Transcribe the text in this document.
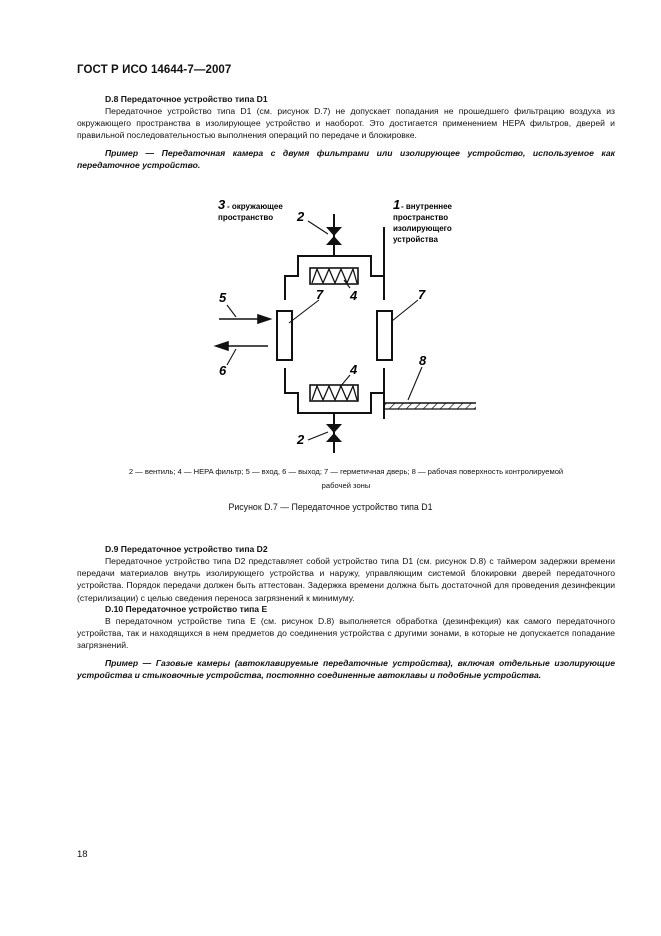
ГОСТ Р ИСО 14644-7—2007
D.8 Передаточное устройство типа D1

Передаточное устройство типа D1 (см. рисунок D.7) не допускает попадания не прошедшего фильтрацию воздуха из окружающего пространства в изолирующее устройство и наоборот. Это достигается применением HEPA фильтров, дверей и правильной последовательностью выполнения операций по передаче и блокировке.

Пример — Передаточная камера с двумя фильтрами или изолирующее устройство, используемое как передаточное устройство.
3 - окружающее
пространство
1 - внутреннее
пространство
изолирующего
устройства
2
2
4
4
7	7
5
6
8
2 — вентиль; 4 — HEPA фильтр; 5 — вход, 6 — выход; 7 — герметичная дверь; 8 — рабочая поверхность контролируемой
рабочей зоны
Рисунок D.7 — Передаточное устройство типа D1
D.9 Передаточное устройство типа D2

Передаточное устройство типа D2 представляет собой устройство типа D1 (см. рисунок D.8) с таймером задержки времени передачи материалов внутрь изолирующего устройства и наружу, управляющим системой блокировки дверей передаточного устройства. Порядок передачи должен быть аттестован. Задержка времени должна быть достаточной для проведения дезинфекции (стерилизации) с целью сведения переноса загрязнений к минимуму.

D.10 Передаточное устройство типа E

В передаточном устройстве типа E (см. рисунок D.8) выполняется обработка (дезинфекция) как самого передаточного устройства, так и находящихся в нем предметов до соединения устройства с другими зонами, в которые не допускается попадание загрязнений.

Пример — Газовые камеры (автоклавируемые передаточные устройства), включая отдельные изолирующие устройства и стыковочные устройства, постоянно соединенные автоклавы и подобные устройства.
18
